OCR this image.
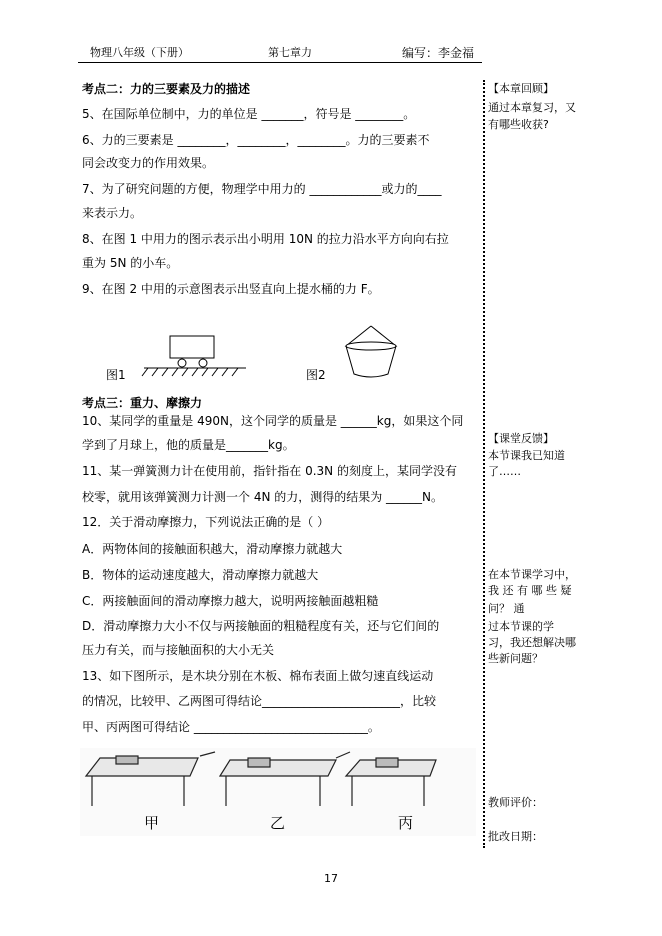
物理八年级（下册）	第七章力	编写：李金福
考点二：力的三要素及力的描述
5、在国际单位制中，力的单位是 _______，符号是 ________。
6、力的三要素是 ________，________，________。力的三要素不
同会改变力的作用效果。
7、为了研究问题的方便，物理学中用力的 ____________或力的____
来表示力。
8、在图 1 中用力的图示表示出小明用 10N 的拉力沿水平方向向右拉
重为 5N 的小车。
9、在图 2 中用的示意图表示出竖直向上提水桶的力 F。
图1	图2
考点三：重力、摩擦力
10、某同学的重量是 490N，这个同学的质量是 ______kg，如果这个同
学到了月球上，他的质量是_______kg。
11、某一弹簧测力计在使用前，指针指在 0.3N 的刻度上，某同学没有
校零，就用该弹簧测力计测一个 4N 的力，测得的结果为 ______N。
12．关于滑动摩擦力，下列说法正确的是（ ）
A．两物体间的接触面积越大，滑动摩擦力就越大
B．物体的运动速度越大，滑动摩擦力就越大
C．两接触面间的滑动摩擦力越大，说明两接触面越粗糙
D．滑动摩擦力大小不仅与两接触面的粗糙程度有关，还与它们间的
压力有关，而与接触面积的大小无关
13、如下图所示，是木块分别在木板、棉布表面上做匀速直线运动
的情况，比较甲、乙两图可得结论_______________________，比较
甲、丙两图可得结论 _____________________________。
甲	乙	丙
【本章回顾】
通过本章复习，又
有哪些收获?
【课堂反馈】
本节课我已知道
了……
在本节课学习中，
我 还 有 哪 些 疑
问？ 通
过本节课的学
习，我还想解决哪
些新问题？
教师评价：
批改日期：
17
